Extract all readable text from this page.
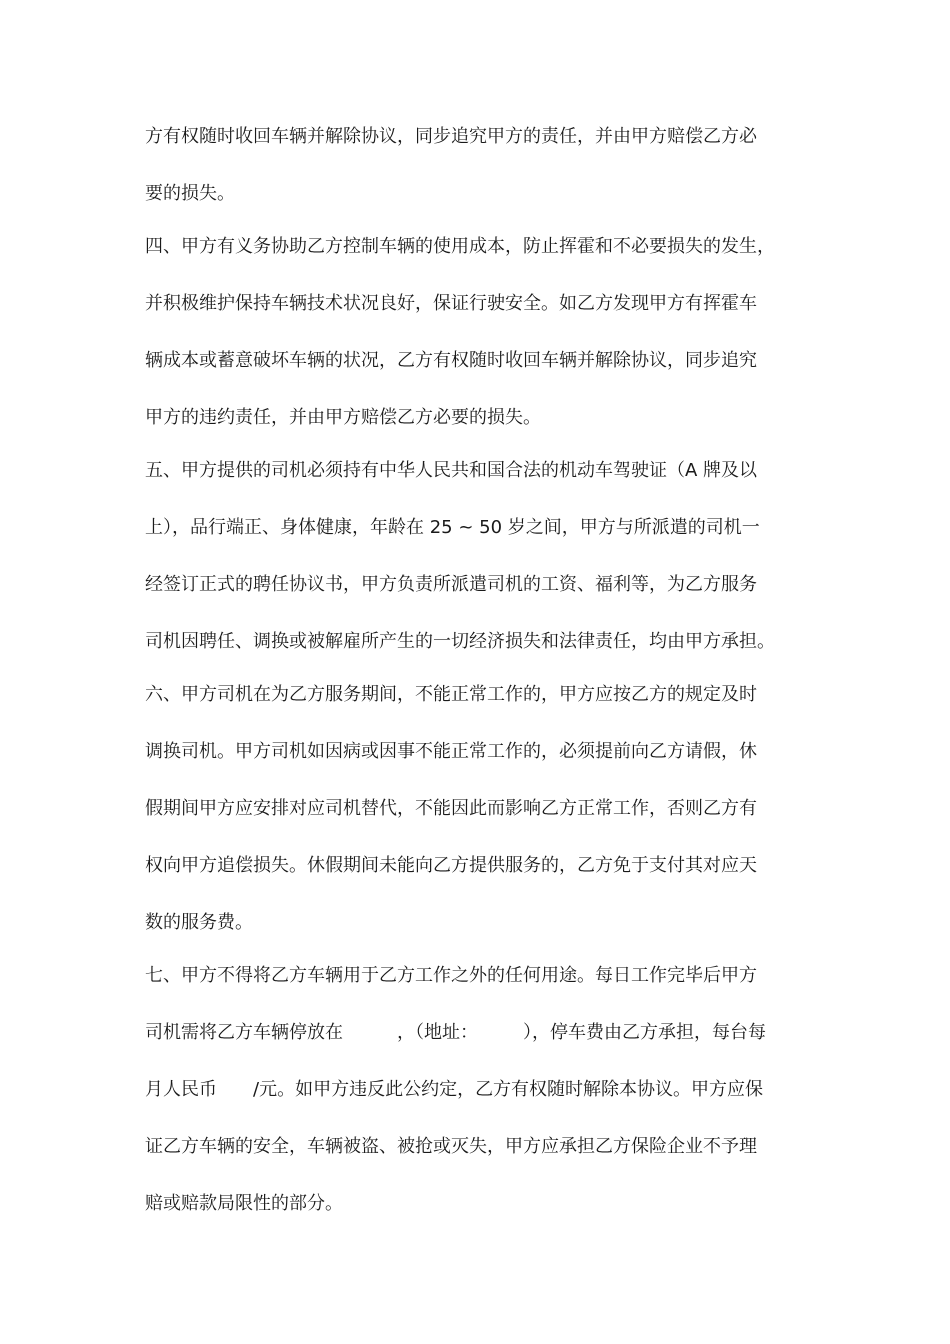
方有权随时收回车辆并解除协议，同步追究甲方的责任，并由甲方赔偿乙方必
要的损失。
四、甲方有义务协助乙方控制车辆的使用成本，防止挥霍和不必要损失的发生，
并积极维护保持车辆技术状况良好，保证行驶安全。如乙方发现甲方有挥霍车
辆成本或蓄意破坏车辆的状况，乙方有权随时收回车辆并解除协议，同步追究
甲方的违约责任，并由甲方赔偿乙方必要的损失。
五、甲方提供的司机必须持有中华人民共和国合法的机动车驾驶证（A 牌及以
上），品行端正、身体健康，年龄在 25 ~ 50 岁之间，甲方与所派遣的司机一
经签订正式的聘任协议书，甲方负责所派遣司机的工资、福利等，为乙方服务
司机因聘任、调换或被解雇所产生的一切经济损失和法律责任，均由甲方承担。
六、甲方司机在为乙方服务期间，不能正常工作的，甲方应按乙方的规定及时
调换司机。甲方司机如因病或因事不能正常工作的，必须提前向乙方请假，休
假期间甲方应安排对应司机替代，不能因此而影响乙方正常工作，否则乙方有
权向甲方追偿损失。休假期间未能向乙方提供服务的，乙方免于支付其对应天
数的服务费。
七、甲方不得将乙方车辆用于乙方工作之外的任何用途。每日工作完毕后甲方
司机需将乙方车辆停放在　　　，（地址：　　　），停车费由乙方承担，每台每
月人民币　　/元。如甲方违反此公约定，乙方有权随时解除本协议。甲方应保
证乙方车辆的安全，车辆被盗、被抢或灭失，甲方应承担乙方保险企业不予理
赔或赔款局限性的部分。
